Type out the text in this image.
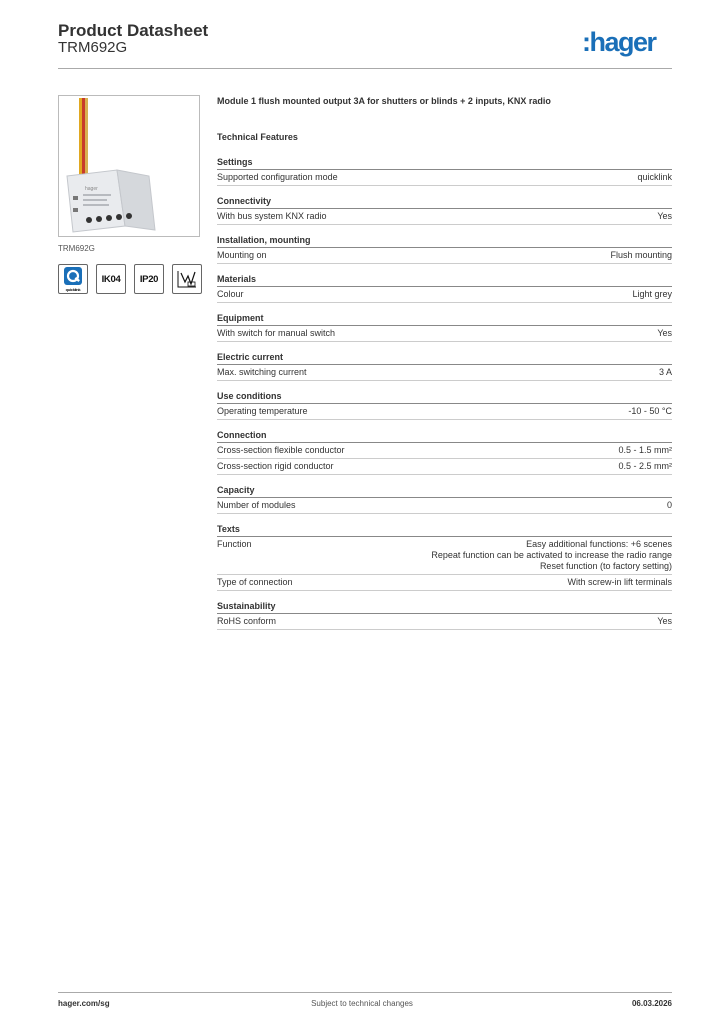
Product Datasheet
TRM692G	:hager
hager
TRM692G
quicklink
IK04	IP20
Module 1 flush mounted output 3A for shutters or blinds + 2 inputs, KNX radio
Technical Features
Settings
Supported configuration mode	quicklink
Connectivity
With bus system KNX radio	Yes
Installation, mounting
Mounting on	Flush mounting
Materials
Colour	Light grey
Equipment
With switch for manual switch	Yes
Electric current
Max. switching current	3 A
Use conditions
Operating temperature	-10 - 50 °C
Connection
Cross-section flexible conductor	0.5 - 1.5 mm²
Cross-section rigid conductor	0.5 - 2.5 mm²
Capacity
Number of modules	0
Texts
Function	Easy additional functions: +6 scenes
Repeat function can be activated to increase the radio range
Reset function (to factory setting)
Type of connection	With screw-in lift terminals
Sustainability
RoHS conform	Yes
hager.com/sg	Subject to technical changes	06.03.2026
